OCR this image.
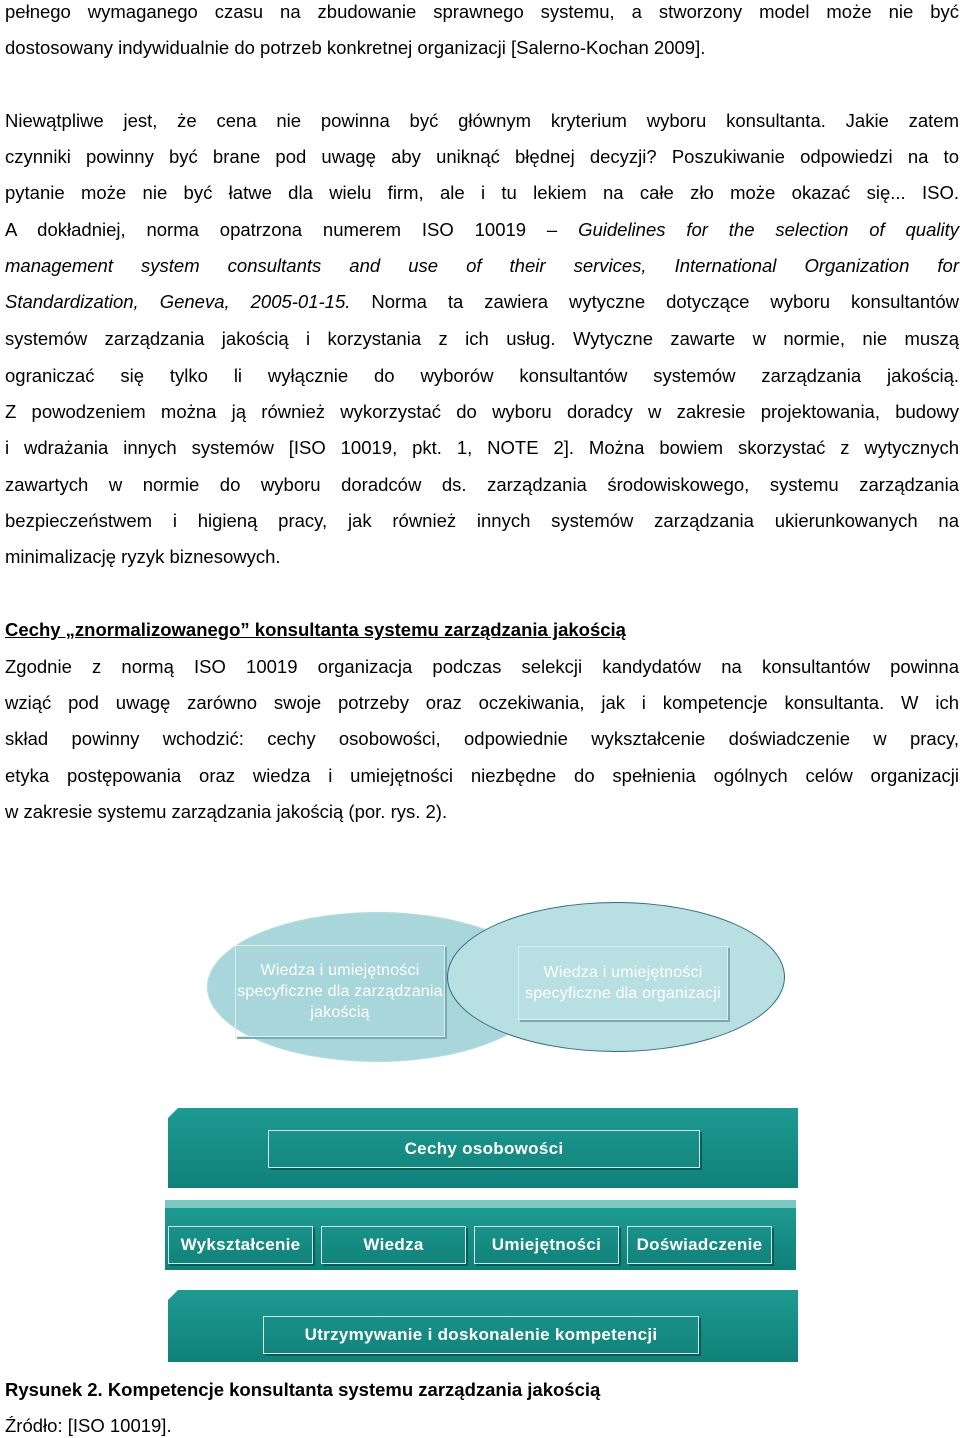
pełnego wymaganego czasu na zbudowanie sprawnego systemu, a stworzony model może nie być
dostosowany indywidualnie do potrzeb konkretnej organizacji [Salerno-Kochan 2009].
Niewątpliwe jest, że cena nie powinna być głównym kryterium wyboru konsultanta. Jakie zatem
czynniki powinny być brane pod uwagę aby uniknąć błędnej decyzji? Poszukiwanie odpowiedzi na to
pytanie może nie być łatwe dla wielu firm, ale i tu lekiem na całe zło może okazać się... ISO.
A dokładniej, norma opatrzona numerem ISO 10019 – Guidelines for the selection of quality
management system consultants and use of their services, International Organization for
Standardization, Geneva, 2005-01-15. Norma ta zawiera wytyczne dotyczące wyboru konsultantów
systemów zarządzania jakością i korzystania z ich usług. Wytyczne zawarte w normie, nie muszą
ograniczać się tylko li wyłącznie do wyborów konsultantów systemów zarządzania jakością.
Z powodzeniem można ją również wykorzystać do wyboru doradcy w zakresie projektowania, budowy
i wdrażania innych systemów [ISO 10019, pkt. 1, NOTE 2]. Można bowiem skorzystać z wytycznych
zawartych w normie do wyboru doradców ds. zarządzania środowiskowego, systemu zarządzania
bezpieczeństwem i higieną pracy, jak również innych systemów zarządzania ukierunkowanych na
minimalizację ryzyk biznesowych.
Cechy „znormalizowanego” konsultanta systemu zarządzania jakością
Zgodnie z normą ISO 10019 organizacja podczas selekcji kandydatów na konsultantów powinna
wziąć pod uwagę zarówno swoje potrzeby oraz oczekiwania, jak i kompetencje konsultanta. W ich
skład powinny wchodzić: cechy osobowości, odpowiednie wykształcenie doświadczenie w pracy,
etyka postępowania oraz wiedza i umiejętności niezbędne do spełnienia ogólnych celów organizacji
w zakresie systemu zarządzania jakością (por. rys. 2).
Wiedza i umiejętności specyficzne dla zarządzania jakością
Wiedza i umiejętności specyficzne dla organizacji
Cechy osobowości
Wykształcenie	Wiedza	Umiejętności	Doświadczenie
Utrzymywanie i doskonalenie kompetencji
Rysunek 2. Kompetencje konsultanta systemu zarządzania jakością
Źródło: [ISO 10019].
